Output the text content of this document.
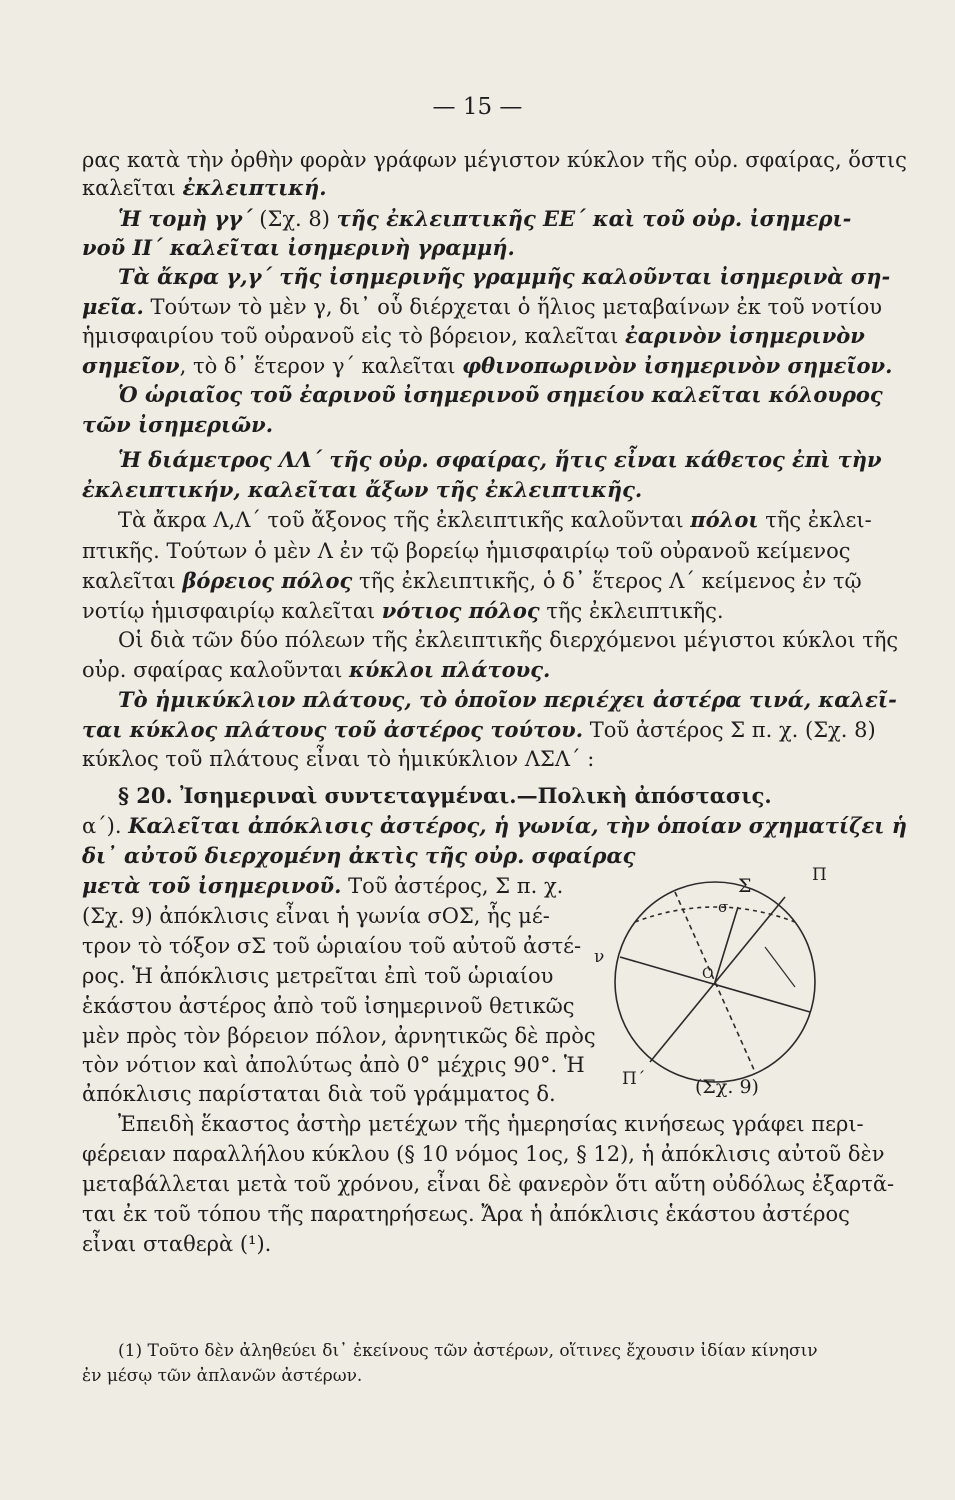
— 15 —
ρας κατὰ τὴν ὀρθὴν φορὰν γράφων μέγιστον κύκλον τῆς οὐρ. σφαίρας, ὅστις
καλεῖται ἐκλειπτική.
Ἡ τομὴ γγ΄ (Σχ. 8) τῆς ἐκλειπτικῆς ΕΕ΄ καὶ τοῦ οὐρ. ἰσημερι-
νοῦ ΙΙ΄ καλεῖται ἰσημερινὴ γραμμή.
Τὰ ἄκρα γ,γ΄ τῆς ἰσημερινῆς γραμμῆς καλοῦνται ἰσημερινὰ ση-
μεῖα. Τούτων τὸ μὲν γ, δι᾿ οὗ διέρχεται ὁ ἥλιος μεταβαίνων ἐκ τοῦ νοτίου
ἡμισφαιρίου τοῦ οὐρανοῦ εἰς τὸ βόρειον, καλεῖται ἐαρινὸν ἰσημερινὸν
σημεῖον, τὸ δ᾿ ἕτερον γ΄ καλεῖται φθινοπωρινὸν ἰσημερινὸν σημεῖον.
Ὁ ὡριαῖος τοῦ ἐαρινοῦ ἰσημερινοῦ σημείου καλεῖται κόλουρος
τῶν ἰσημεριῶν.
Ἡ διάμετρος ΛΛ΄ τῆς οὐρ. σφαίρας, ἥτις εἶναι κάθετος ἐπὶ τὴν
ἐκλειπτικήν, καλεῖται ἄξων τῆς ἐκλειπτικῆς.
Τὰ ἄκρα Λ,Λ΄ τοῦ ἄξονος τῆς ἐκλειπτικῆς καλοῦνται πόλοι τῆς ἐκλει-
πτικῆς. Τούτων ὁ μὲν Λ ἐν τῷ βορείῳ ἡμισφαιρίῳ τοῦ οὐρανοῦ κείμενος
καλεῖται βόρειος πόλος τῆς ἐκλειπτικῆς, ὁ δ᾿ ἕτερος Λ΄ κείμενος ἐν τῷ
νοτίῳ ἡμισφαιρίῳ καλεῖται νότιος πόλος τῆς ἐκλειπτικῆς.
Οἱ διὰ τῶν δύο πόλεων τῆς ἐκλειπτικῆς διερχόμενοι μέγιστοι κύκλοι τῆς
οὐρ. σφαίρας καλοῦνται κύκλοι πλάτους.
Τὸ ἡμικύκλιον πλάτους, τὸ ὁποῖον περιέχει ἀστέρα τινά, καλεῖ-
ται κύκλος πλάτους τοῦ ἀστέρος τούτου. Τοῦ ἀστέρος Σ π. χ. (Σχ. 8)
κύκλος τοῦ πλάτους εἶναι τὸ ἡμικύκλιον ΛΣΛ΄ :
§ 20. Ἰσημεριναὶ συντεταγμέναι.—Πολικὴ ἀπόστασις.
α΄). Καλεῖται ἀπόκλισις ἀστέρος, ἡ γωνία, τὴν ὁποίαν σχηματίζει ἡ
δι᾿ αὐτοῦ διερχομένη ἀκτὶς τῆς οὐρ. σφαίρας
μετὰ τοῦ ἰσημερινοῦ. Τοῦ ἀστέρος, Σ π. χ.
(Σχ. 9) ἀπόκλισις εἶναι ἡ γωνία σΟΣ, ἧς μέ-
τρον τὸ τόξον σΣ τοῦ ὡριαίου τοῦ αὐτοῦ ἀστέ-
ρος. Ἡ ἀπόκλισις μετρεῖται ἐπὶ τοῦ ὡριαίου
ἑκάστου ἀστέρος ἀπὸ τοῦ ἰσημερινοῦ θετικῶς
μὲν πρὸς τὸν βόρειον πόλον, ἀρνητικῶς δὲ πρὸς
τὸν νότιον καὶ ἀπολύτως ἀπὸ 0° μέχρις 90°. Ἡ
ἀπόκλισις παρίσταται διὰ τοῦ γράμματος δ.
Ἐπειδὴ ἕκαστος ἀστὴρ μετέχων τῆς ἡμερησίας κινήσεως γράφει περι-
φέρειαν παραλλήλου κύκλου (§ 10 νόμος 1ος, § 12), ἡ ἀπόκλισις αὐτοῦ δὲν
μεταβάλλεται μετὰ τοῦ χρόνου, εἶναι δὲ φανερὸν ὅτι αὕτη οὐδόλως ἐξαρτᾶ-
ται ἐκ τοῦ τόπου τῆς παρατηρήσεως. Ἄρα ἡ ἀπόκλισις ἑκάστου ἀστέρος
εἶναι σταθερὰ (¹).
Σ	Π
Π΄
σ
Ο
ν
(Σχ. 9)
(1) Τοῦτο δὲν ἀληθεύει δι᾿ ἐκείνους τῶν ἀστέρων, οἵτινες ἔχουσιν ἰδίαν κίνησιν
ἐν μέσῳ τῶν ἀπλανῶν ἀστέρων.
